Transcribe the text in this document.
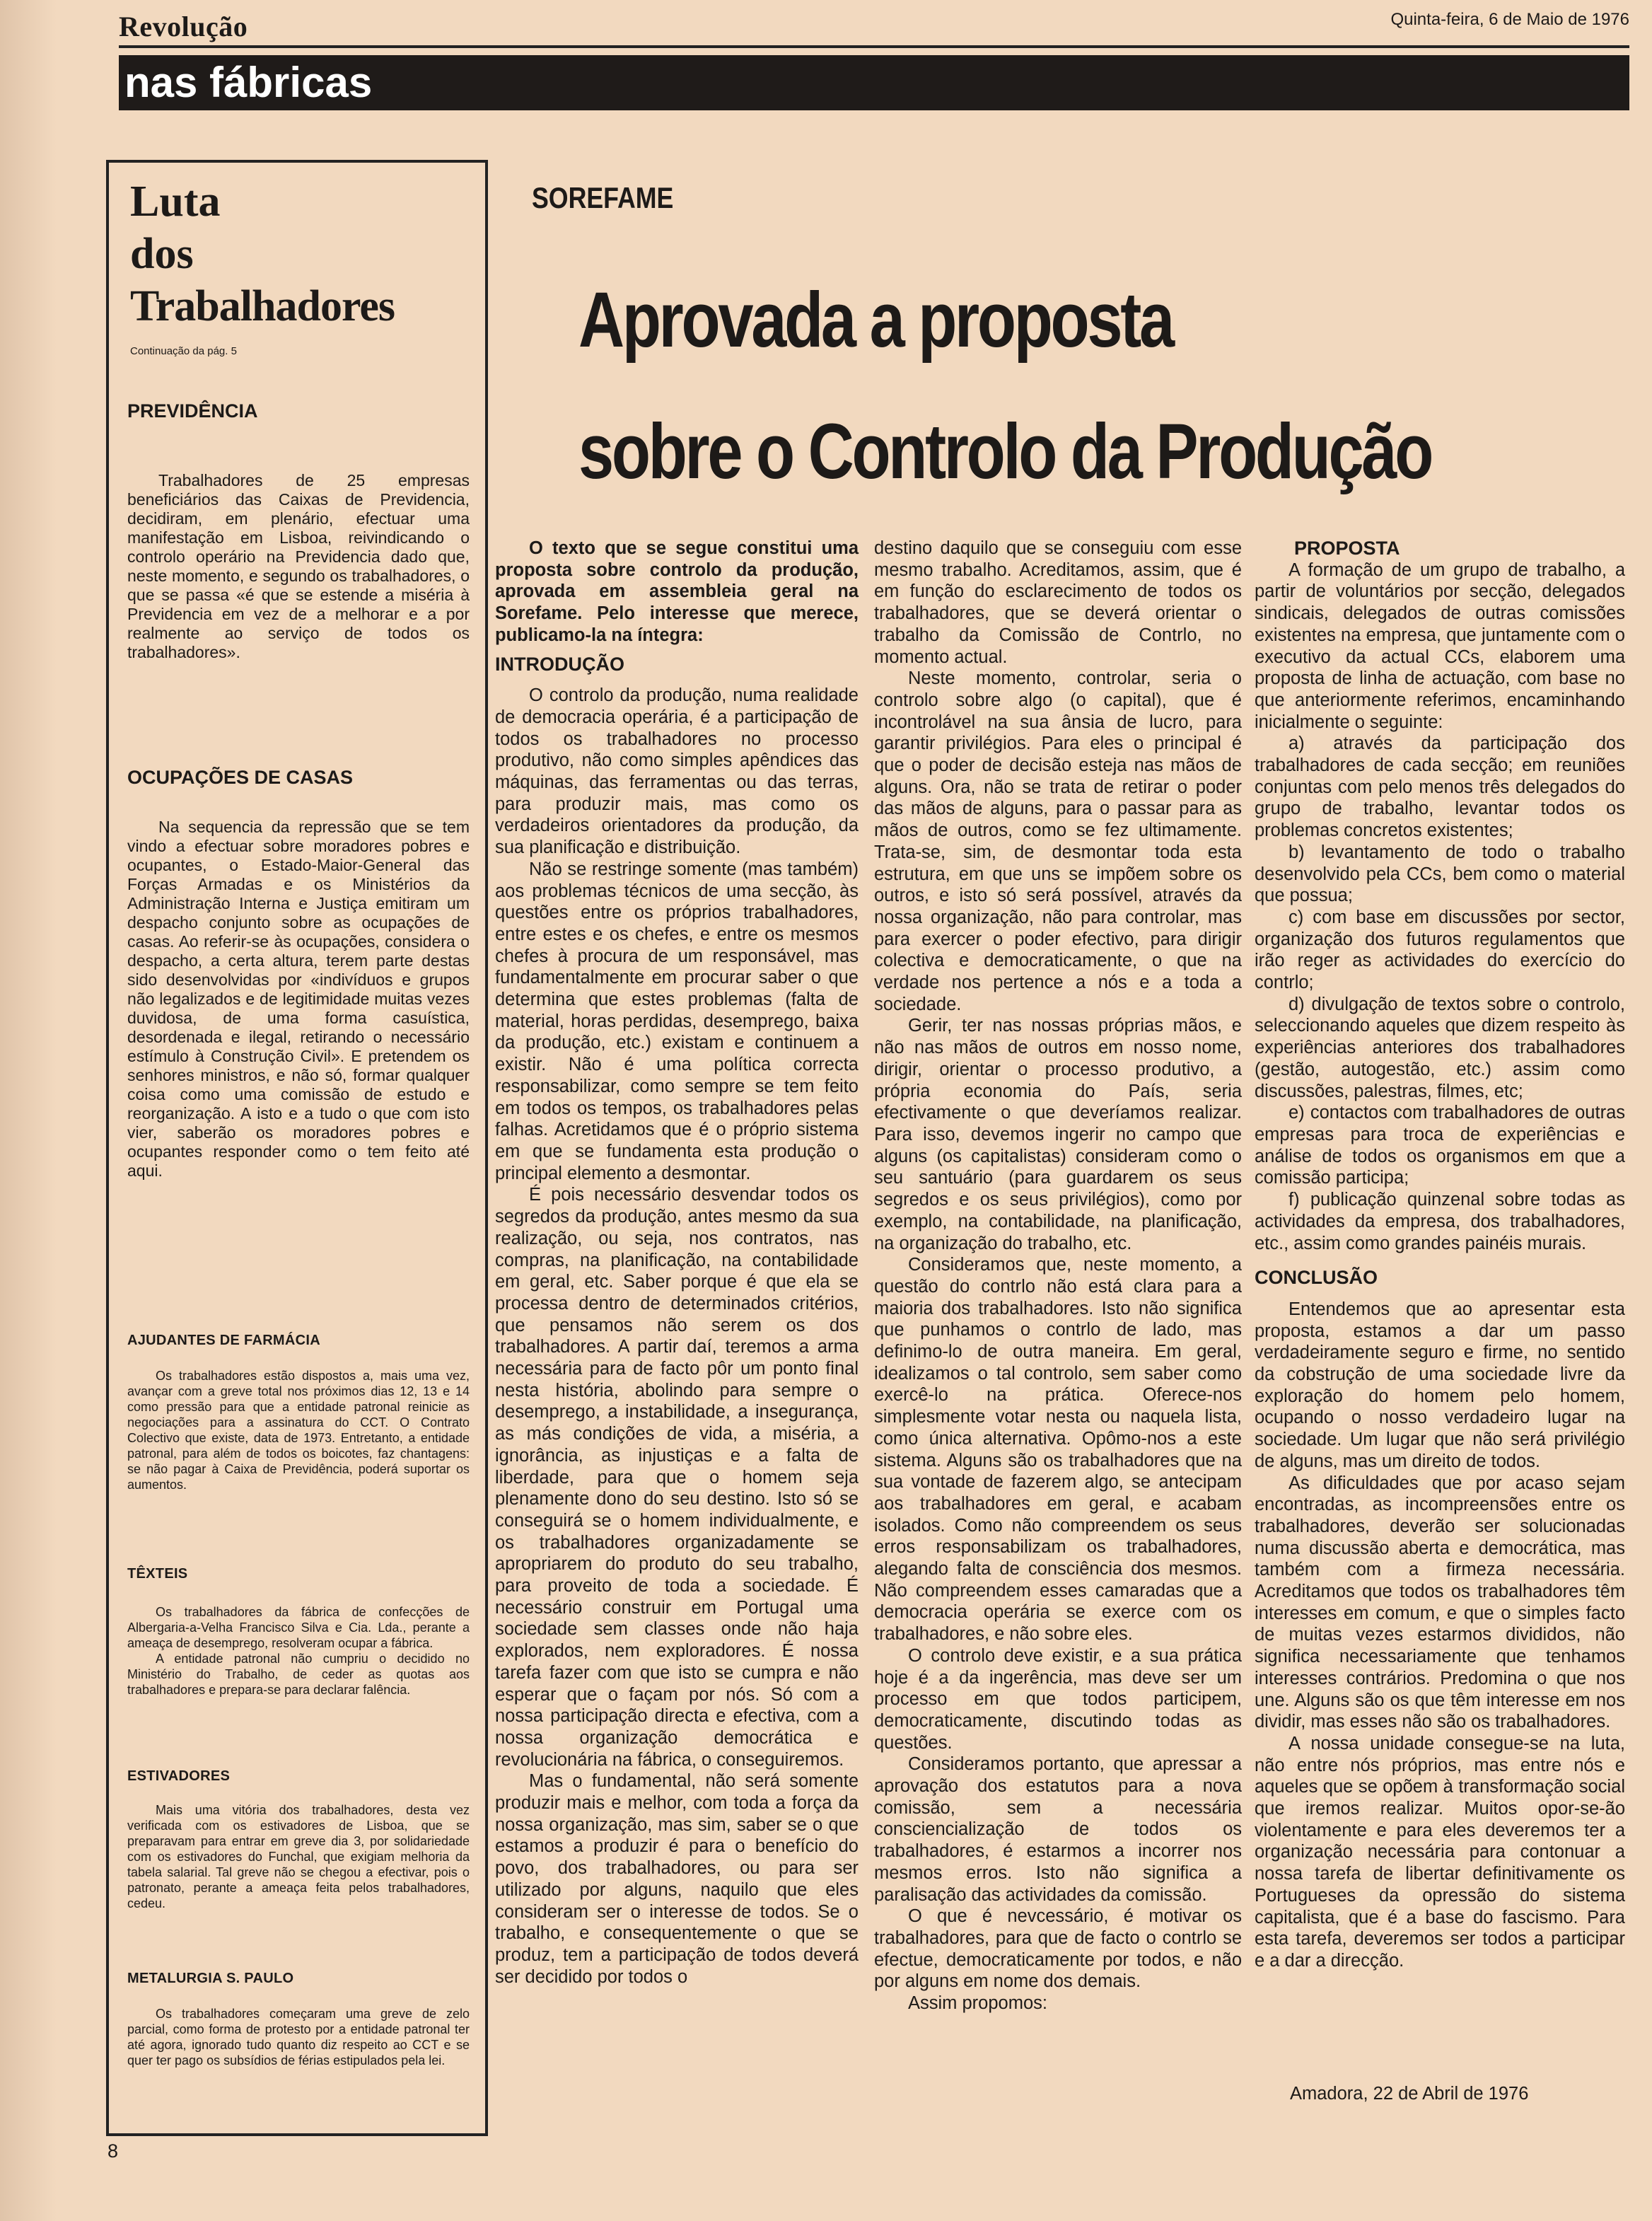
Revolução	Quinta-feira, 6 de Maio de 1976
nas fábricas
Luta
dos
Trabalhadores
Continuação da pág. 5
PREVIDÊNCIA

Trabalhadores de 25 empresas beneficiários das Caixas de Previdencia, decidiram, em plenário, efectuar uma manifestação em Lisboa, reivindicando o controlo operário na Previdencia dado que, neste momento, e segundo os trabalhadores, o que se passa «é que se estende a miséria à Previdencia em vez de a melhorar e a por realmente ao serviço de todos os trabalhadores».

OCUPAÇÕES DE CASAS

Na sequencia da repressão que se tem vindo a efectuar sobre moradores pobres e ocupantes, o Estado-Maior-General das Forças Armadas e os Ministérios da Administração Interna e Justiça emitiram um despacho conjunto sobre as ocupações de casas. Ao referir-se às ocupações, considera o despacho, a certa altura, terem parte destas sido desenvolvidas por «indivíduos e grupos não legalizados e de legitimidade muitas vezes duvidosa, de uma forma casuística, desordenada e ilegal, retirando o necessário estímulo à Construção Civil». E pretendem os senhores ministros, e não só, formar qualquer coisa como uma comissão de estudo e reorganização. A isto e a tudo o que com isto vier, saberão os moradores pobres e ocupantes responder como o tem feito até aqui.

AJUDANTES DE FARMÁCIA

Os trabalhadores estão dispostos a, mais uma vez, avançar com a greve total nos próximos dias 12, 13 e 14 como pressão para que a entidade patronal reinicie as negociações para a assinatura do CCT. O Contrato Colectivo que existe, data de 1973. Entretanto, a entidade patronal, para além de todos os boicotes, faz chantagens: se não pagar à Caixa de Previdência, poderá suportar os aumentos.

TÊXTEIS

Os trabalhadores da fábrica de confecções de Albergaria-a-Velha Francisco Silva e Cia. Lda., perante a ameaça de desemprego, resolveram ocupar a fábrica.

A entidade patronal não cumpriu o decidido no Ministério do Trabalho, de ceder as quotas aos trabalhadores e prepara-se para declarar falência.

ESTIVADORES

Mais uma vitória dos trabalhadores, desta vez verificada com os estivadores de Lisboa, que se preparavam para entrar em greve dia 3, por solidariedade com os estivadores do Funchal, que exigiam melhoria da tabela salarial. Tal greve não se chegou a efectivar, pois o patronato, perante a ameaça feita pelos trabalhadores, cedeu.

METALURGIA S. PAULO

Os trabalhadores começaram uma greve de zelo parcial, como forma de protesto por a entidade patronal ter até agora, ignorado tudo quanto diz respeito ao CCT e se quer ter pago os subsídios de férias estipulados pela lei.

8
SOREFAME
Aprovada a proposta
sobre o Controlo da Produção

O texto que se segue constitui uma proposta sobre controlo da produção, aprovada em assembleia geral na Sorefame. Pelo interesse que merece, publicamo-la na íntegra:

INTRODUÇÃO

O controlo da produção, numa realidade de democracia operária, é a participação de todos os trabalhadores no processo produtivo, não como simples apêndices das máquinas, das ferramentas ou das terras, para produzir mais, mas como os verdadeiros orientadores da produção, da sua planificação e distribuição.

Não se restringe somente (mas também) aos problemas técnicos de uma secção, às questões entre os próprios trabalhadores, entre estes e os chefes, e entre os mesmos chefes à procura de um responsável, mas fundamentalmente em procurar saber o que determina que estes problemas (falta de material, horas perdidas, desemprego, baixa da produção, etc.) existam e continuem a existir. Não é uma política correcta responsabilizar, como sempre se tem feito em todos os tempos, os trabalhadores pelas falhas. Acretidamos que é o próprio sistema em que se fundamenta esta produção o principal elemento a desmontar.

É pois necessário desvendar todos os segredos da produção, antes mesmo da sua realização, ou seja, nos contratos, nas compras, na planificação, na contabilidade em geral, etc. Saber porque é que ela se processa dentro de determinados critérios, que pensamos não serem os dos trabalhadores. A partir daí, teremos a arma necessária para de facto pôr um ponto final nesta história, abolindo para sempre o desemprego, a instabilidade, a insegurança, as más condições de vida, a miséria, a ignorância, as injustiças e a falta de liberdade, para que o homem seja plenamente dono do seu destino. Isto só se conseguirá se o homem individualmente, e os trabalhadores organizadamente se apropriarem do produto do seu trabalho, para proveito de toda a sociedade. É necessário construir em Portugal uma sociedade sem classes onde não haja explorados, nem exploradores. É nossa tarefa fazer com que isto se cumpra e não esperar que o façam por nós. Só com a nossa participação directa e efectiva, com a nossa organização democrática e revolucionária na fábrica, o conseguiremos.

Mas o fundamental, não será somente produzir mais e melhor, com toda a força da nossa organização, mas sim, saber se o que estamos a produzir é para o benefício do povo, dos trabalhadores, ou para ser utilizado por alguns, naquilo que eles consideram ser o interesse de todos. Se o trabalho, e consequentemente o que se produz, tem a participação de todos deverá ser decidido por todos o

destino daquilo que se conseguiu com esse mesmo trabalho. Acreditamos, assim, que é em função do esclarecimento de todos os trabalhadores, que se deverá orientar o trabalho da Comissão de Contrlo, no momento actual.

Neste momento, controlar, seria o controlo sobre algo (o capital), que é incontrolável na sua ânsia de lucro, para garantir privilégios. Para eles o principal é que o poder de decisão esteja nas mãos de alguns. Ora, não se trata de retirar o poder das mãos de alguns, para o passar para as mãos de outros, como se fez ultimamente. Trata-se, sim, de desmontar toda esta estrutura, em que uns se impõem sobre os outros, e isto só será possível, através da nossa organização, não para controlar, mas para exercer o poder efectivo, para dirigir colectiva e democraticamente, o que na verdade nos pertence a nós e a toda a sociedade.

Gerir, ter nas nossas próprias mãos, e não nas mãos de outros em nosso nome, dirigir, orientar o processo produtivo, a própria economia do País, seria efectivamente o que deveríamos realizar. Para isso, devemos ingerir no campo que alguns (os capitalistas) consideram como o seu santuário (para guardarem os seus segredos e os seus privilégios), como por exemplo, na contabilidade, na planificação, na organização do trabalho, etc.

Consideramos que, neste momento, a questão do contrlo não está clara para a maioria dos trabalhadores. Isto não significa que punhamos o contrlo de lado, mas definimo-lo de outra maneira. Em geral, idealizamos o tal controlo, sem saber como exercê-lo na prática. Oferece-nos simplesmente votar nesta ou naquela lista, como única alternativa. Opômo-nos a este sistema. Alguns são os trabalhadores que na sua vontade de fazerem algo, se antecipam aos trabalhadores em geral, e acabam isolados. Como não compreendem os seus erros responsabilizam os trabalhadores, alegando falta de consciência dos mesmos. Não compreendem esses camaradas que a democracia operária se exerce com os trabalhadores, e não sobre eles.

O controlo deve existir, e a sua prática hoje é a da ingerência, mas deve ser um processo em que todos participem, democraticamente, discutindo todas as questões.

Consideramos portanto, que apressar a aprovação dos estatutos para a nova comissão, sem a necessária consciencialização de todos os trabalhadores, é estarmos a incorrer nos mesmos erros. Isto não significa a paralisação das actividades da comissão.

O que é nevcessário, é motivar os trabalhadores, para que de facto o contrlo se efectue, democraticamente por todos, e não por alguns em nome dos demais.

Assim propomos:

PROPOSTA

A formação de um grupo de trabalho, a partir de voluntários por secção, delegados sindicais, delegados de outras comissões existentes na empresa, que juntamente com o executivo da actual CCs, elaborem uma proposta de linha de actuação, com base no que anteriormente referimos, encaminhando inicialmente o seguinte:

a) através da participação dos trabalhadores de cada secção; em reuniões conjuntas com pelo menos três delegados do grupo de trabalho, levantar todos os problemas concretos existentes;

b) levantamento de todo o trabalho desenvolvido pela CCs, bem como o material que possua;

c) com base em discussões por sector, organização dos futuros regulamentos que irão reger as actividades do exercício do contrlo;

d) divulgação de textos sobre o controlo, seleccionando aqueles que dizem respeito às experiências anteriores dos trabalhadores (gestão, autogestão, etc.) assim como discussões, palestras, filmes, etc;

e) contactos com trabalhadores de outras empresas para troca de experiências e análise de todos os organismos em que a comissão participa;

f) publicação quinzenal sobre todas as actividades da empresa, dos trabalhadores, etc., assim como grandes painéis murais.

CONCLUSÃO

Entendemos que ao apresentar esta proposta, estamos a dar um passo verdadeiramente seguro e firme, no sentido da cobstrução de uma sociedade livre da exploração do homem pelo homem, ocupando o nosso verdadeiro lugar na sociedade. Um lugar que não será privilégio de alguns, mas um direito de todos.

As dificuldades que por acaso sejam encontradas, as incompreensões entre os trabalhadores, deverão ser solucionadas numa discussão aberta e democrática, mas também com a firmeza necessária. Acreditamos que todos os trabalhadores têm interesses em comum, e que o simples facto de muitas vezes estarmos divididos, não significa necessariamente que tenhamos interesses contrários. Predomina o que nos une. Alguns são os que têm interesse em nos dividir, mas esses não são os trabalhadores.

A nossa unidade consegue-se na luta, não entre nós próprios, mas entre nós e aqueles que se opõem à transformação social que iremos realizar. Muitos opor-se-ão violentamente e para eles deveremos ter a organização necessária para contonuar a nossa tarefa de libertar definitivamente os Portugueses da opressão do sistema capitalista, que é a base do fascismo. Para esta tarefa, deveremos ser todos a participar e a dar a direcção.

Amadora, 22 de Abril de 1976
